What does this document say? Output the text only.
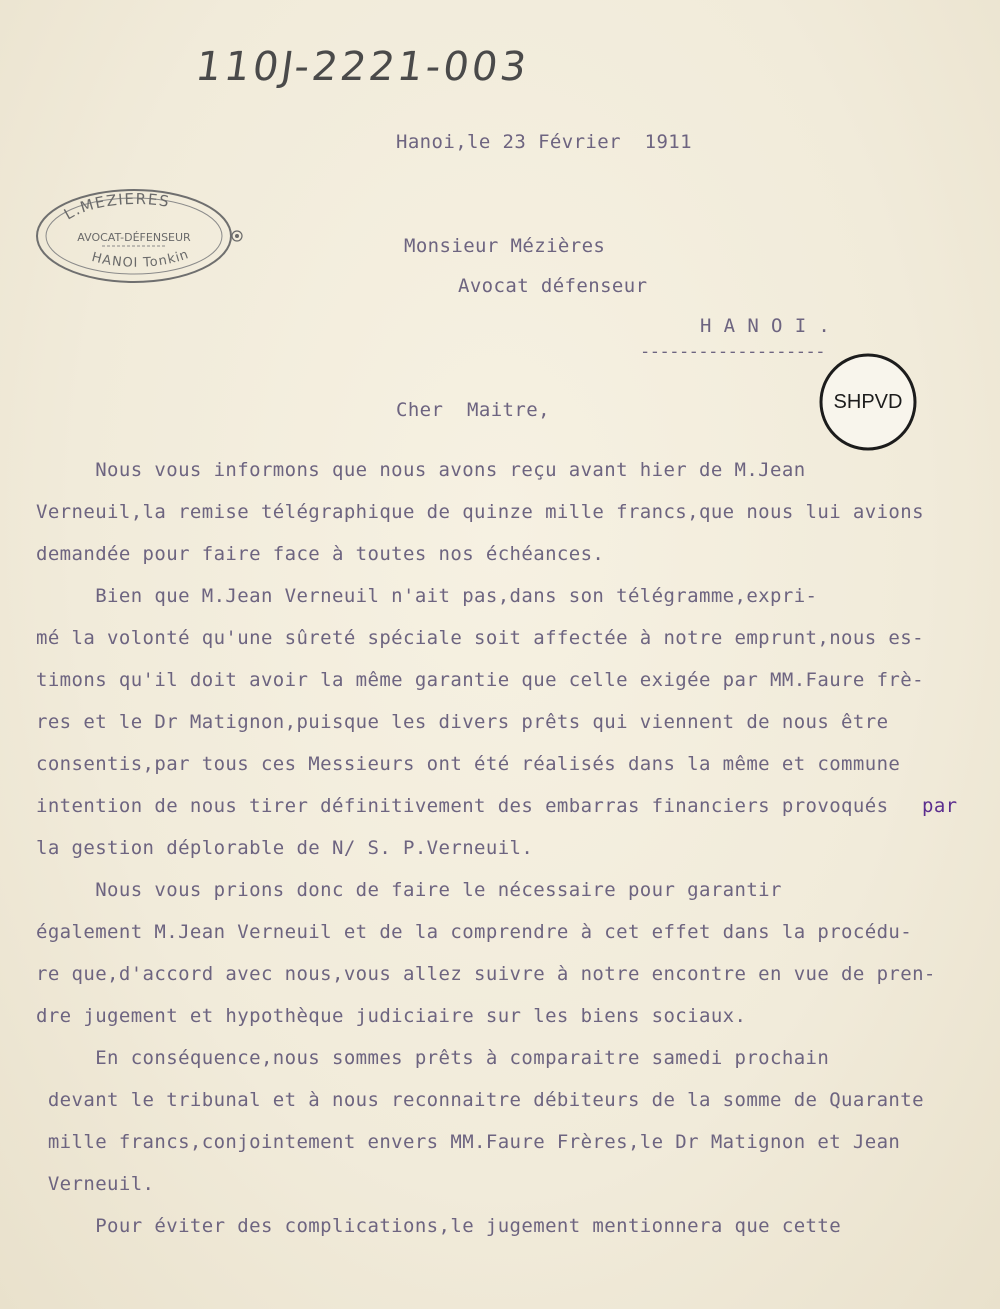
110J-2221-003
Hanoi,le 23 Février  1911
L.MEZIERES
AVOCAT-DÉFENSEUR
HANOI Tonkin	Monsieur Mézières
Avocat défenseur
H A N O I .
-------------------
SHPVD
Cher  Maitre,
Nous vous informons que nous avons reçu avant hier de M.Jean
Verneuil,la remise télégraphique de quinze mille francs,que nous lui avions
demandée pour faire face à toutes nos échéances.
Bien que M.Jean Verneuil n'ait pas,dans son télégramme,expri-
mé la volonté qu'une sûreté spéciale soit affectée à notre emprunt,nous es-
timons qu'il doit avoir la même garantie que celle exigée par MM.Faure frè-
res et le Dr Matignon,puisque les divers prêts qui viennent de nous être
consentis,par tous ces Messieurs ont été réalisés dans la même et commune
intention de nous tirer définitivement des embarras financiers provoqués par
la gestion déplorable de N/ S. P.Verneuil.
Nous vous prions donc de faire le nécessaire pour garantir
également M.Jean Verneuil et de la comprendre à cet effet dans la procédu-
re que,d'accord avec nous,vous allez suivre à notre encontre en vue de pren-
dre jugement et hypothèque judiciaire sur les biens sociaux.
En conséquence,nous sommes prêts à comparaitre samedi prochain
devant le tribunal et à nous reconnaitre débiteurs de la somme de Quarante
mille francs,conjointement envers MM.Faure Frères,le Dr Matignon et Jean
Verneuil.
Pour éviter des complications,le jugement mentionnera que cette
